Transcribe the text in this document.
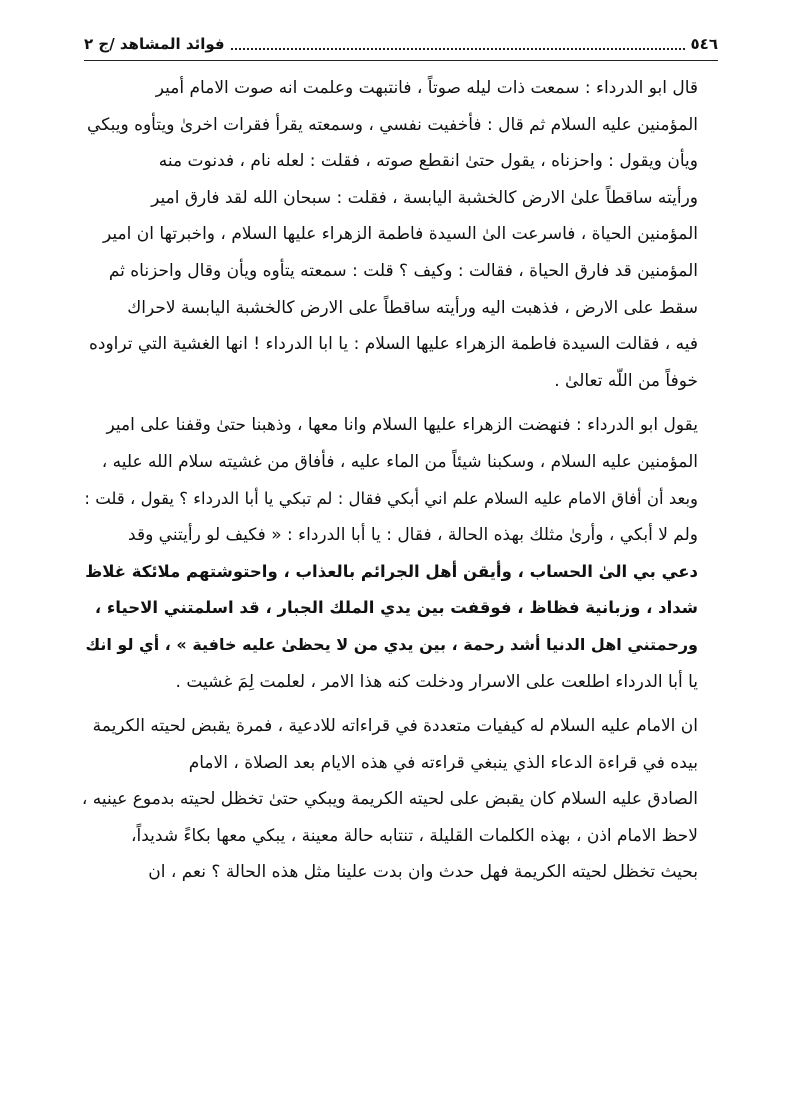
٥٤٦
فوائد المشاهد /ج ٢

قال ابو الدرداء : سمعت ذات ليله صوتاً ، فانتبهت وعلمت انه صوت الامام أمير
المؤمنين عليه السلام ثم قال : فأخفيت نفسي ، وسمعته يقرأ فقرات اخرىٰ ويتأوه ويبكي
ويأن ويقول : واحزناه ، يقول حتىٰ انقطع صوته ، فقلت : لعله نام ، فدنوت منه
ورأيته ساقطاً علىٰ الارض كالخشبة اليابسة ، فقلت : سبحان الله لقد فارق امير
المؤمنين الحياة ، فاسرعت الىٰ السيدة فاطمة الزهراء عليها السلام ، واخبرتها ان امير
المؤمنين قد فارق الحياة ، فقالت : وكيف ؟ قلت : سمعته يتأوه ويأن وقال واحزناه ثم
سقط على الارض ، فذهبت اليه ورأيته ساقطاً على الارض كالخشبة اليابسة لاحراك
فيه ، فقالت السيدة فاطمة الزهراء عليها السلام : يا ابا الدرداء ! انها الغشية التي تراوده
خوفاً من اللّه تعالىٰ .

يقول ابو الدرداء : فنهضت الزهراء عليها السلام وانا معها ، وذهبنا حتىٰ وقفنا على امير
المؤمنين عليه السلام ، وسكبنا شيئاً من الماء عليه ، فأفاق من غشيته سلام الله عليه ،
وبعد أن أفاق الامام عليه السلام علم اني أبكي فقال : لم تبكي يا أبا الدرداء ؟ يقول ، قلت :
ولم لا أبكي ، وأرىٰ مثلك بهذه الحالة ، فقال : يا أبا الدرداء : « فكيف لو رأيتني وقد
دعي بي الىٰ الحساب ، وأيقن أهل الجرائم بالعذاب ، واحتوشتهم ملائكة غلاظ
شداد ، وزبانية فظاظ ، فوقفت بين يدي الملك الجبار ، قد اسلمتني الاحياء ،
ورحمتني اهل الدنيا أشد رحمة ، بين يدي من لا يحظىٰ عليه خافية » ، أي لو انك
يا أبا الدرداء اطلعت على الاسرار ودخلت كنه هذا الامر ، لعلمت لِمَ غشيت .

ان الامام عليه السلام له كيفيات متعددة في قراءاته للادعية ، فمرة يقبض لحيته الكريمة
بيده في قراءة الدعاء الذي ينبغي قراءته في هذه الايام بعد الصلاة ، الامام
الصادق عليه السلام كان يقبض على لحيته الكريمة ويبكي حتىٰ تخظل لحيته بدموع عينيه ،
لاحظ الامام اذن ، بهذه الكلمات القليلة ، تنتابه حالة معينة ، يبكي معها بكاءً شديداً،
بحيث تخظل لحيته الكريمة فهل حدث وان بدت علينا مثل هذه الحالة ؟ نعم ، ان
